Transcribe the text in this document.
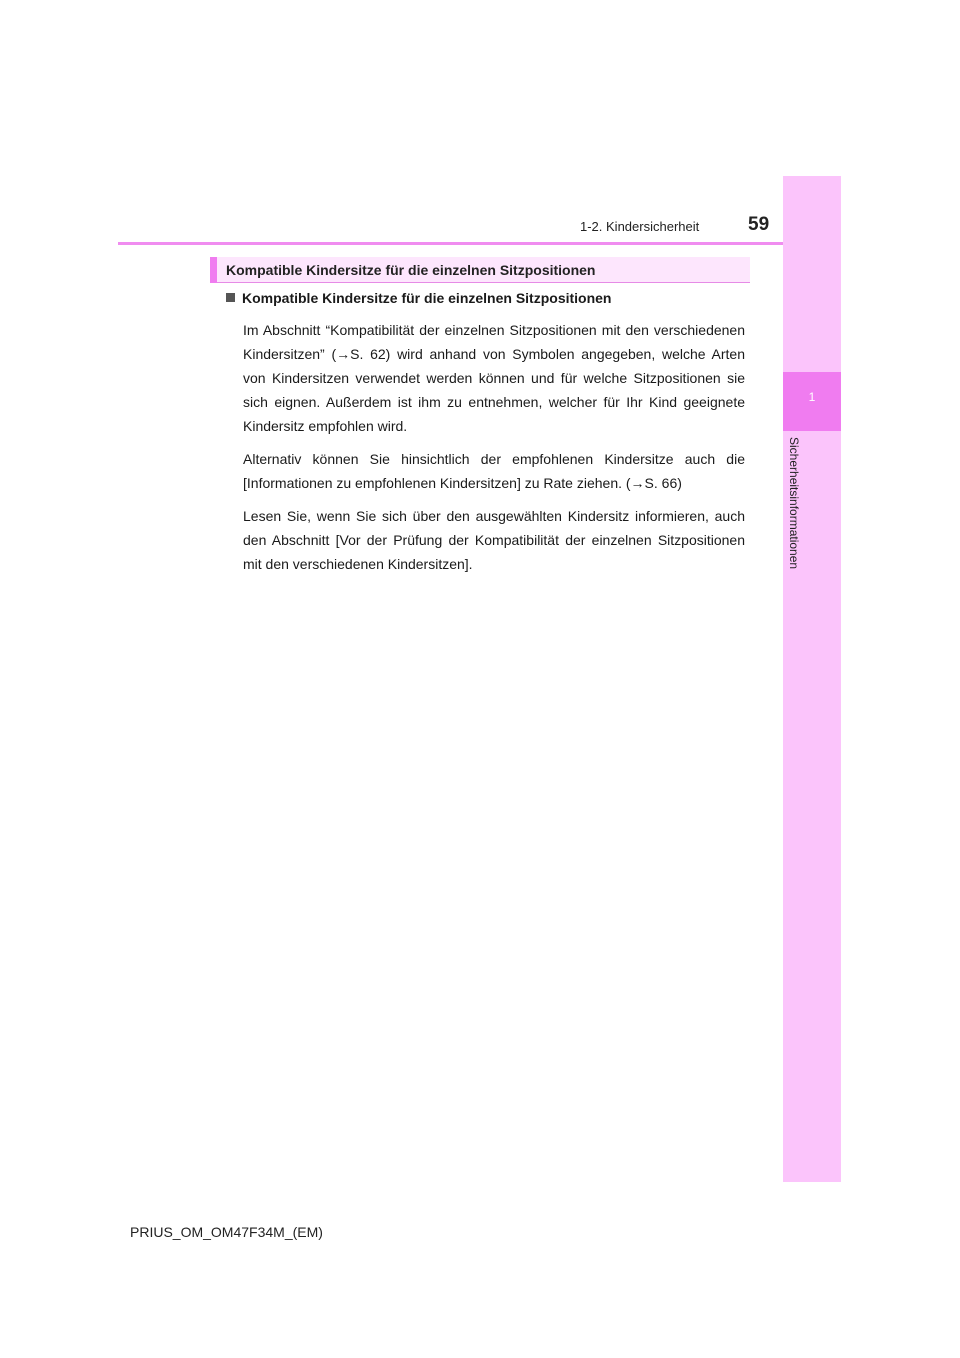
1-2. Kindersicherheit	59
1
Sicherheitsinformationen
Kompatible Kindersitze für die einzelnen Sitzpositionen
Kompatible Kindersitze für die einzelnen Sitzpositionen

Im Abschnitt “Kompatibilität der einzelnen Sitzpositionen mit den verschiedenen Kindersitzen” (→S. 62) wird anhand von Symbolen angegeben, welche Arten von Kindersitzen verwendet werden können und für welche Sitzpositionen sie sich eignen. Außerdem ist ihm zu entnehmen, welcher für Ihr Kind geeignete Kindersitz empfohlen wird.

Alternativ können Sie hinsichtlich der empfohlenen Kindersitze auch die [Informationen zu empfohlenen Kindersitzen] zu Rate ziehen. (→S. 66)

Lesen Sie, wenn Sie sich über den ausgewählten Kindersitz informieren, auch den Abschnitt [Vor der Prüfung der Kompatibilität der einzelnen Sitzpositionen mit den verschiedenen Kindersitzen].

PRIUS_OM_OM47F34M_(EM)
